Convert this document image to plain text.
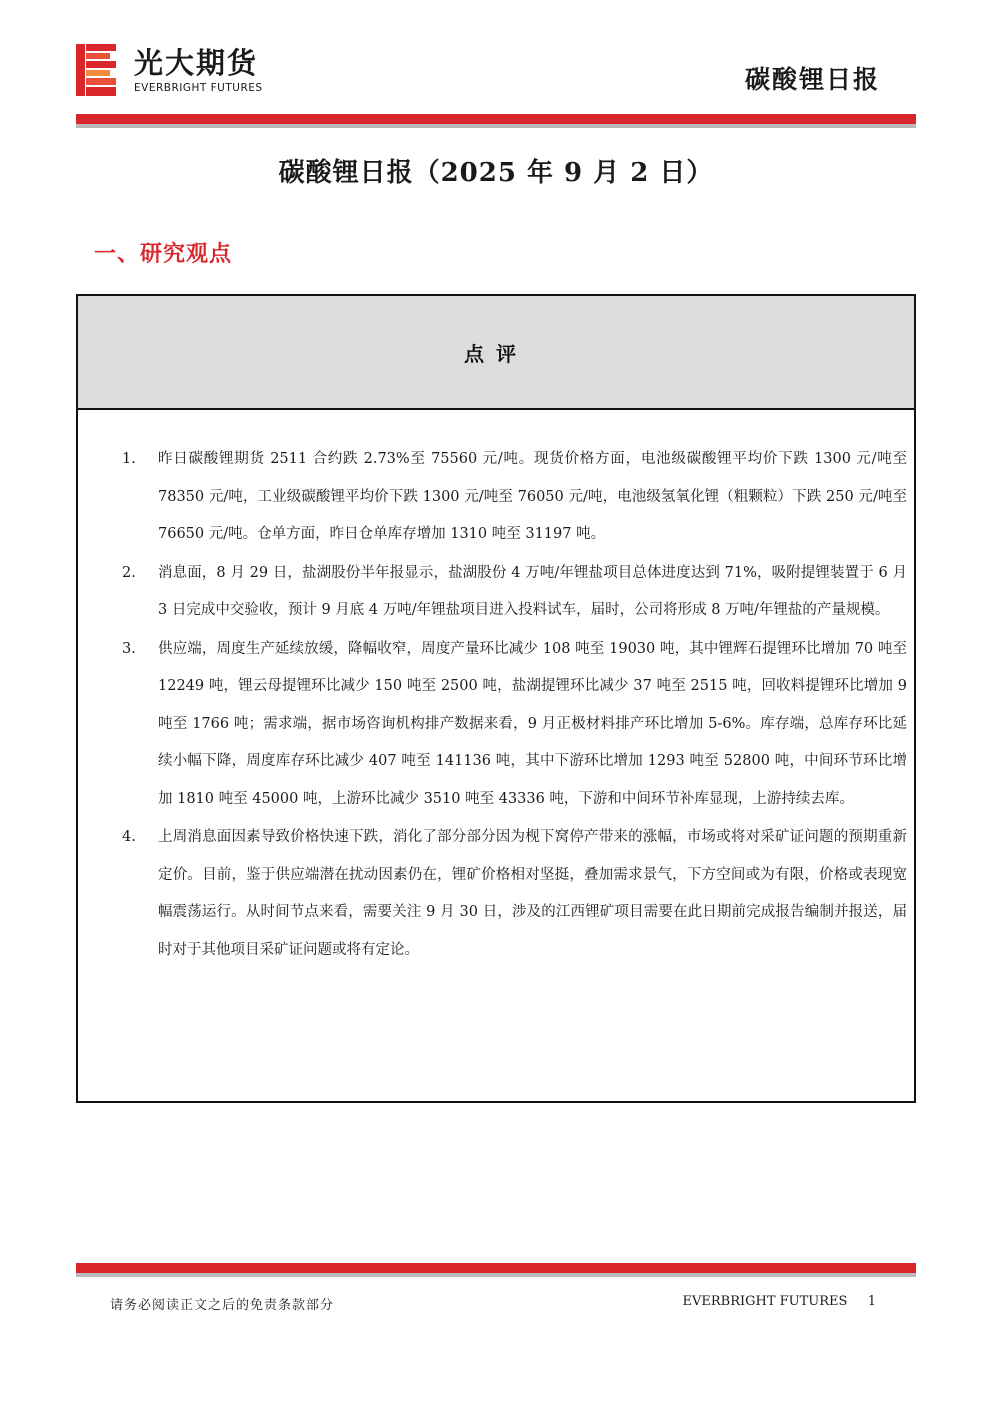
光大期货
EVERBRIGHT FUTURES	碳酸锂日报
碳酸锂日报（2025 年 9 月 2 日）
一、研究观点
点评
1. 昨日碳酸锂期货 2511 合约跌 2.73%至 75560 元/吨。现货价格方面，电池级碳酸锂平均价下跌 1300 元/吨至 78350 元/吨，工业级碳酸锂平均价下跌 1300 元/吨至 76050 元/吨，电池级氢氧化锂（粗颗粒）下跌 250 元/吨至 76650 元/吨。仓单方面，昨日仓单库存增加 1310 吨至 31197 吨。
2. 消息面，8 月 29 日，盐湖股份半年报显示，盐湖股份 4 万吨/年锂盐项目总体进度达到 71%，吸附提锂装置于 6 月 3 日完成中交验收，预计 9 月底 4 万吨/年锂盐项目进入投料试车，届时，公司将形成 8 万吨/年锂盐的产量规模。
3. 供应端，周度生产延续放缓，降幅收窄，周度产量环比减少 108 吨至 19030 吨，其中锂辉石提锂环比增加 70 吨至 12249 吨，锂云母提锂环比减少 150 吨至 2500 吨，盐湖提锂环比减少 37 吨至 2515 吨，回收料提锂环比增加 9 吨至 1766 吨；需求端，据市场咨询机构排产数据来看，9 月正极材料排产环比增加 5-6%。库存端，总库存环比延续小幅下降，周度库存环比减少 407 吨至 141136 吨，其中下游环比增加 1293 吨至 52800 吨，中间环节环比增加 1810 吨至 45000 吨，上游环比减少 3510 吨至 43336 吨，下游和中间环节补库显现，上游持续去库。
4. 上周消息面因素导致价格快速下跌，消化了部分部分因为枧下窝停产带来的涨幅，市场或将对采矿证问题的预期重新定价。目前，鉴于供应端潜在扰动因素仍在，锂矿价格相对坚挺，叠加需求景气，下方空间或为有限，价格或表现宽幅震荡运行。从时间节点来看，需要关注 9 月 30 日，涉及的江西锂矿项目需要在此日期前完成报告编制并报送，届时对于其他项目采矿证问题或将有定论。
请务必阅读正文之后的免责条款部分	EVERBRIGHT FUTURES 1
